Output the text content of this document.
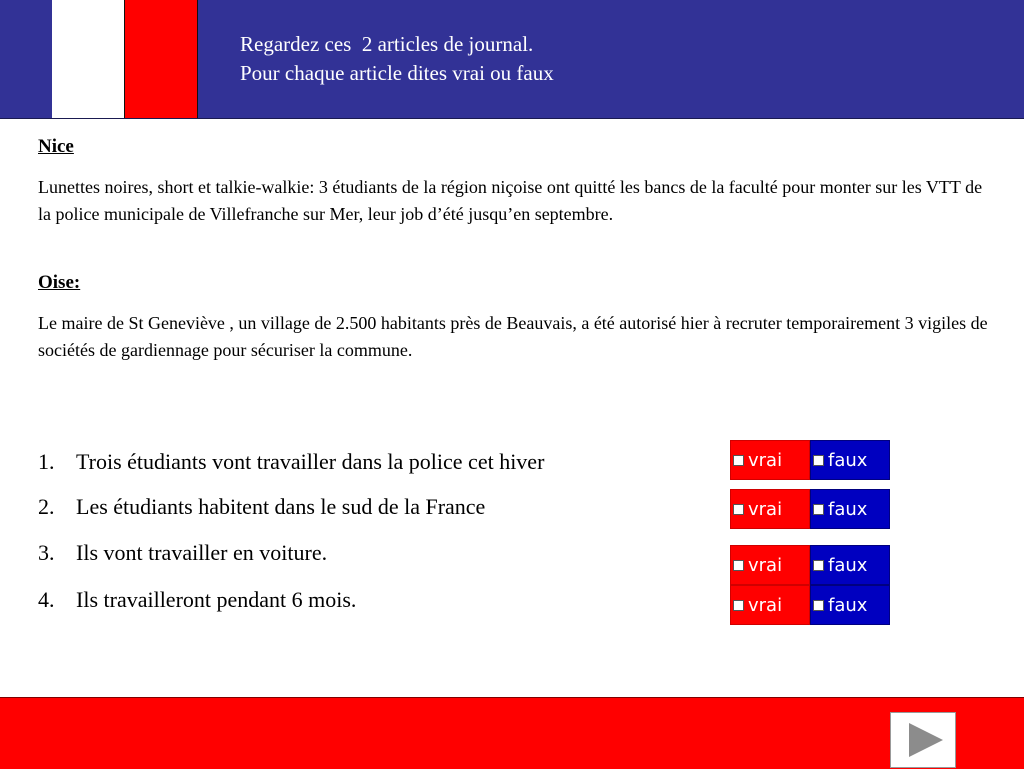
Regardez ces  2 articles de journal.
Pour chaque article dites vrai ou faux
Nice
Lunettes noires, short et talkie-walkie: 3 étudiants de la région niçoise ont quitté les bancs de la faculté pour monter sur les VTT de la police municipale de Villefranche sur Mer, leur job d’été jusqu’en septembre.
Oise:
Le maire de St Geneviève , un village de 2.500 habitants près de Beauvais, a été autorisé hier à recruter temporairement 3 vigiles de sociétés de gardiennage pour sécuriser la commune.
1. Trois étudiants vont travailler dans la police cet hiver
2. Les étudiants habitent dans le sud de la France
3. Ils vont travailler en voiture.
4. Ils travailleront pendant 6 mois.
vrai	faux
vrai	faux
vrai	faux
vrai	faux
